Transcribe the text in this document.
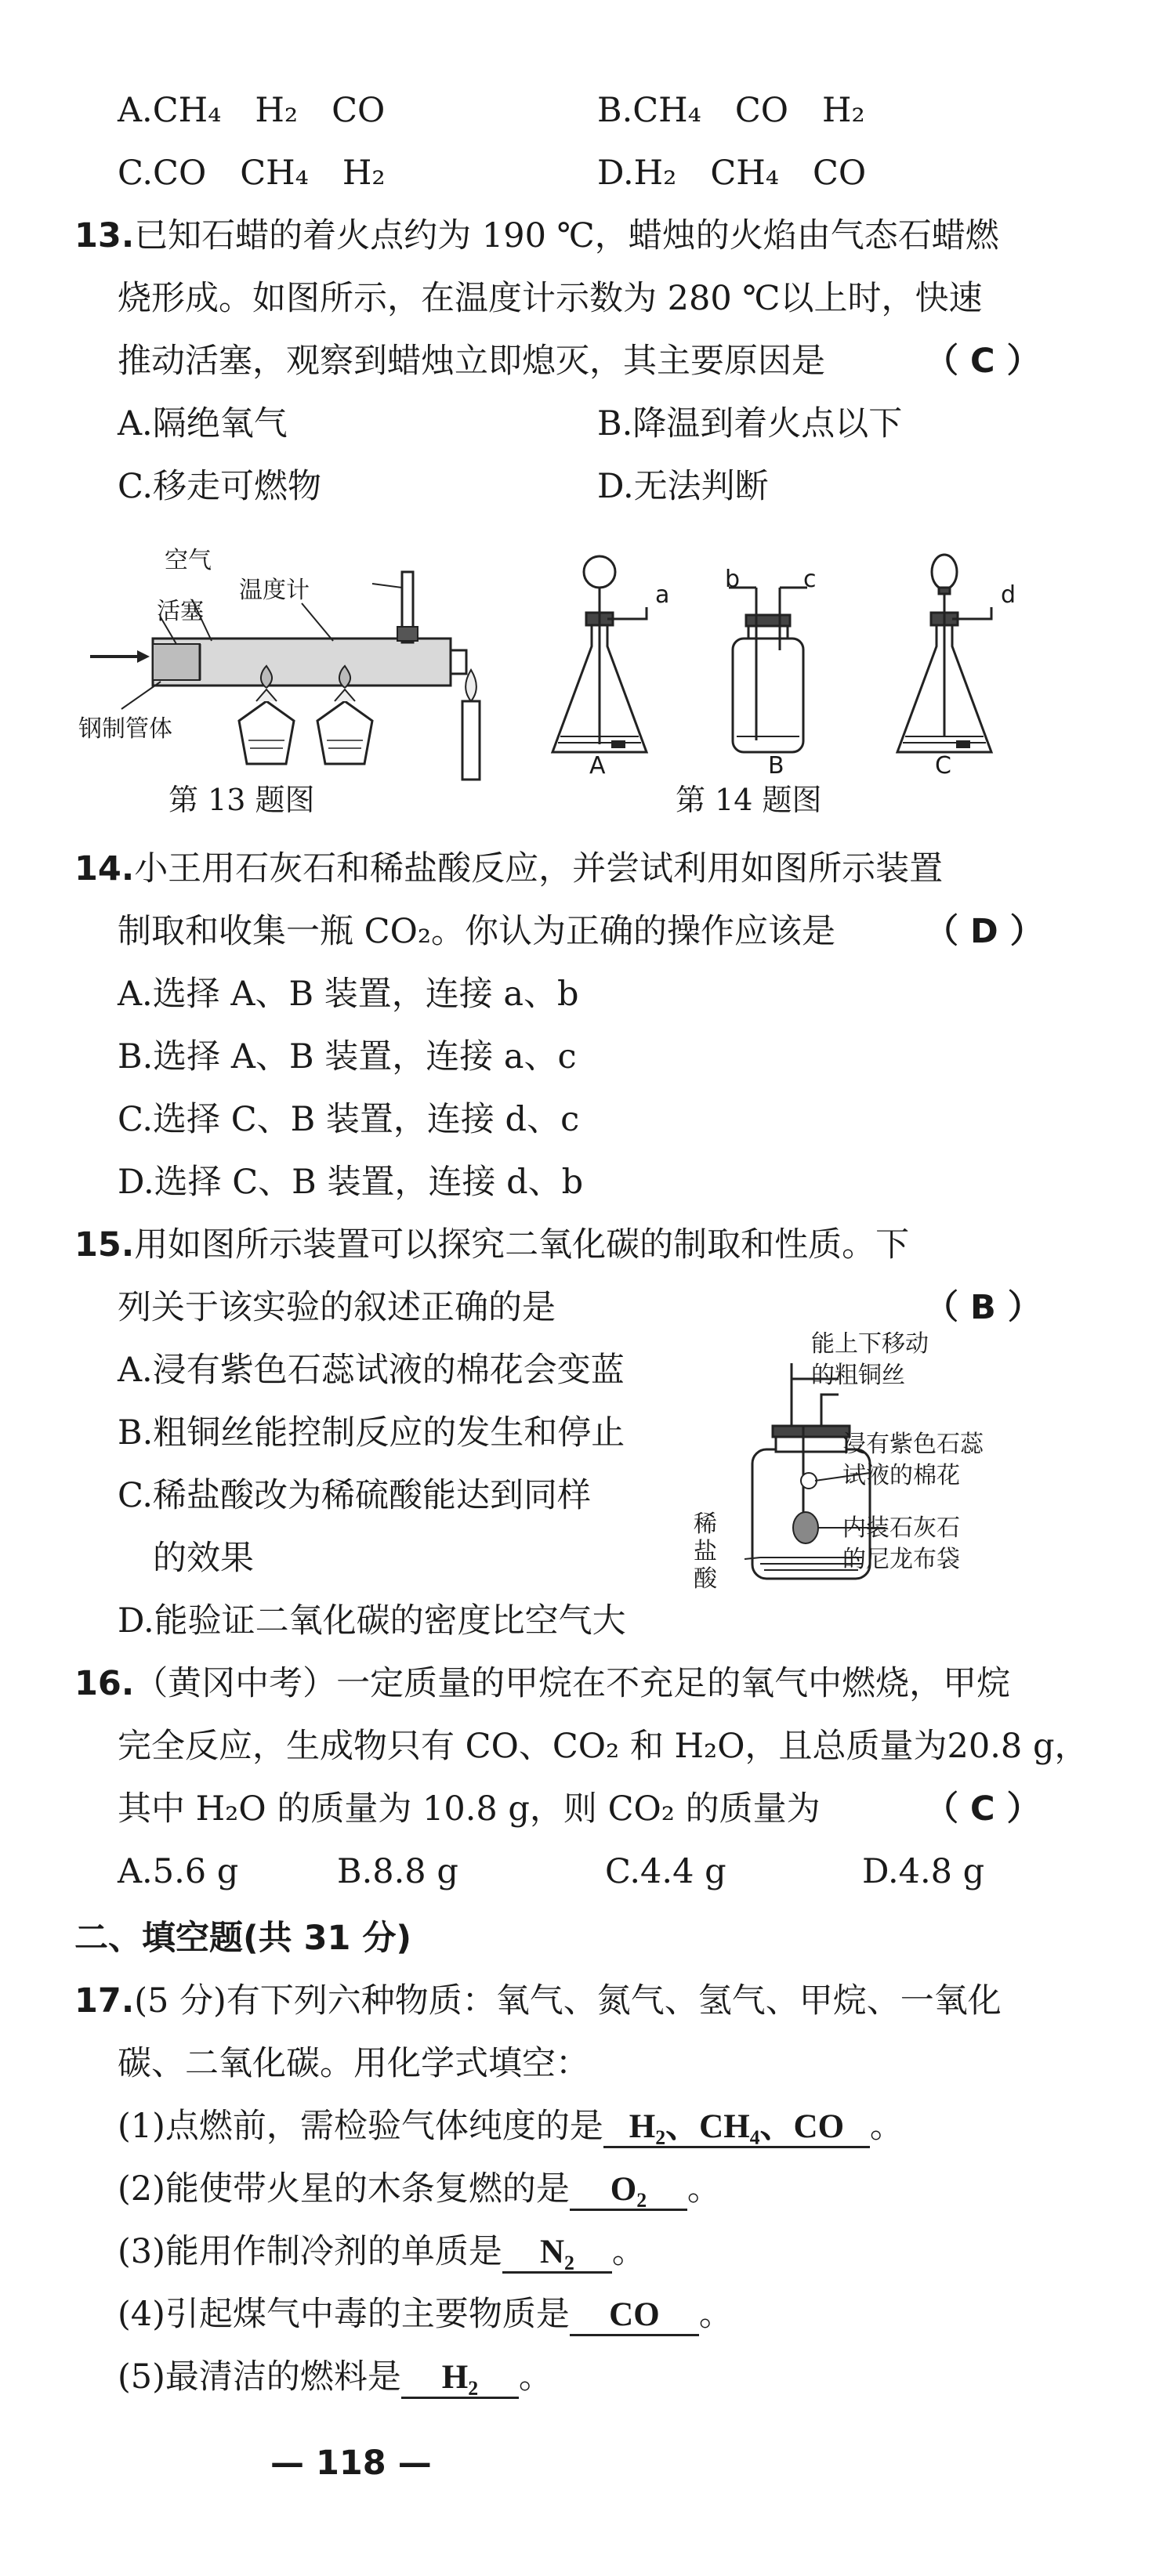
A.CH₄　H₂　CO	B.CH₄　CO　H₂
C.CO　CH₄　H₂	D.H₂　CH₄　CO
13.已知石蜡的着火点约为 190 ℃，蜡烛的火焰由气态石蜡燃
烧形成。如图所示，在温度计示数为 280 ℃以上时，快速
推动活塞，观察到蜡烛立即熄灭，其主要原因是	（ C ）
A.隔绝氧气	B.降温到着火点以下
C.移走可燃物	D.无法判断
空气
温度计
活塞
钢制管体
第 13 题图
a
b	c
d
A	B	C
第 14 题图
14.小王用石灰石和稀盐酸反应，并尝试利用如图所示装置
制取和收集一瓶 CO₂。你认为正确的操作应该是	（ D ）
A.选择 A、B 装置，连接 a、b
B.选择 A、B 装置，连接 a、c
C.选择 C、B 装置，连接 d、c
D.选择 C、B 装置，连接 d、b
15.用如图所示装置可以探究二氧化碳的制取和性质。下
列关于该实验的叙述正确的是	（ B ）
A.浸有紫色石蕊试液的棉花会变蓝
B.粗铜丝能控制反应的发生和停止
C.稀盐酸改为稀硫酸能达到同样
的效果
D.能验证二氧化碳的密度比空气大
能上下移动
的粗铜丝
浸有紫色石蕊
试液的棉花
内装石灰石
的尼龙布袋
稀
盐
酸
16.（黄冈中考）一定质量的甲烷在不充足的氧气中燃烧，甲烷
完全反应，生成物只有 CO、CO₂ 和 H₂O，且总质量为20.8 g，
其中 H₂O 的质量为 10.8 g，则 CO₂ 的质量为	（ C ）
A.5.6 g	B.8.8 g	C.4.4 g	D.4.8 g
二、填空题(共 31 分)
17.(5 分)有下列六种物质：氧气、氮气、氢气、甲烷、一氧化
碳、二氧化碳。用化学式填空：
(1)点燃前，需检验气体纯度的是 H₂、CH₄、CO 。
(2)能使带火星的木条复燃的是 O₂ 。
(3)能用作制冷剂的单质是 N₂ 。
(4)引起煤气中毒的主要物质是 CO 。
(5)最清洁的燃料是 H₂ 。
— 118 —
